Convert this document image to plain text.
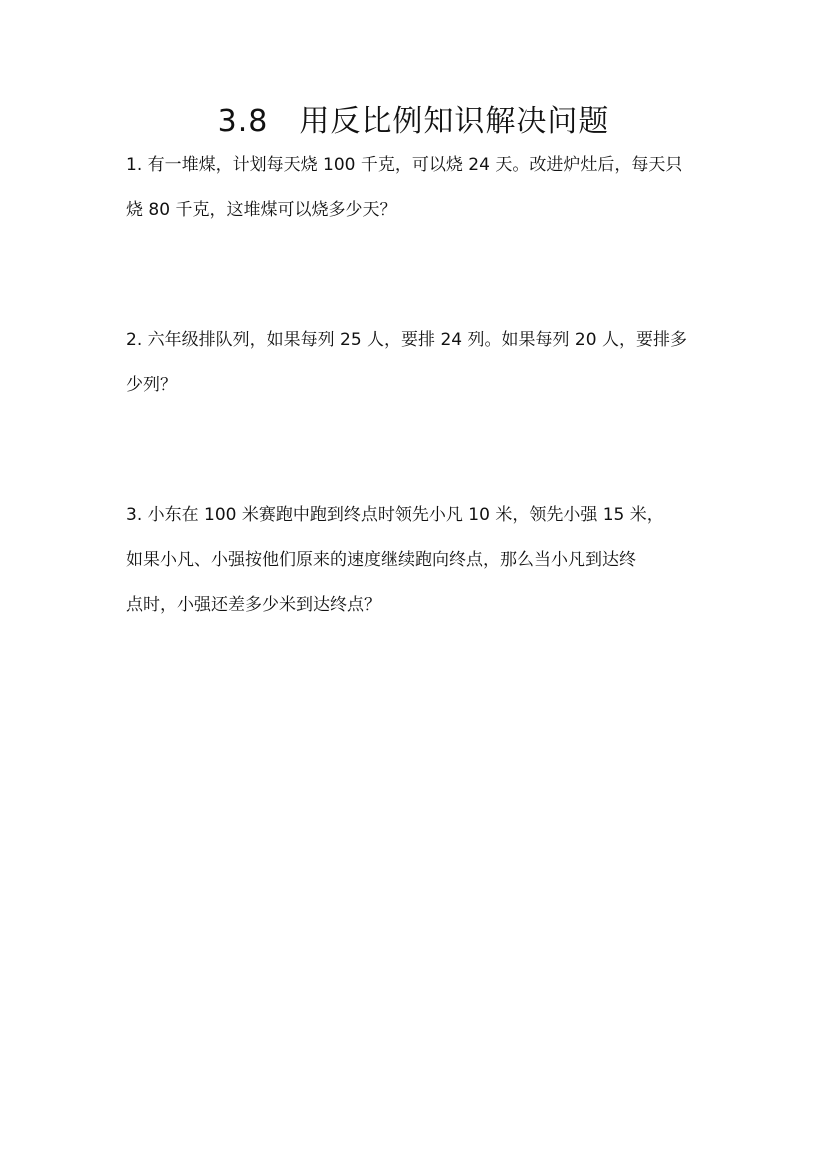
3.8　用反比例知识解决问题
1. 有一堆煤，计划每天烧 100 千克，可以烧 24 天。改进炉灶后，每天只
烧 80 千克，这堆煤可以烧多少天？
2. 六年级排队列，如果每列 25 人，要排 24 列。如果每列 20 人，要排多
少列？
3. 小东在 100 米赛跑中跑到终点时领先小凡 10 米，领先小强 15 米，
如果小凡、小强按他们原来的速度继续跑向终点，那么当小凡到达终
点时，小强还差多少米到达终点？
